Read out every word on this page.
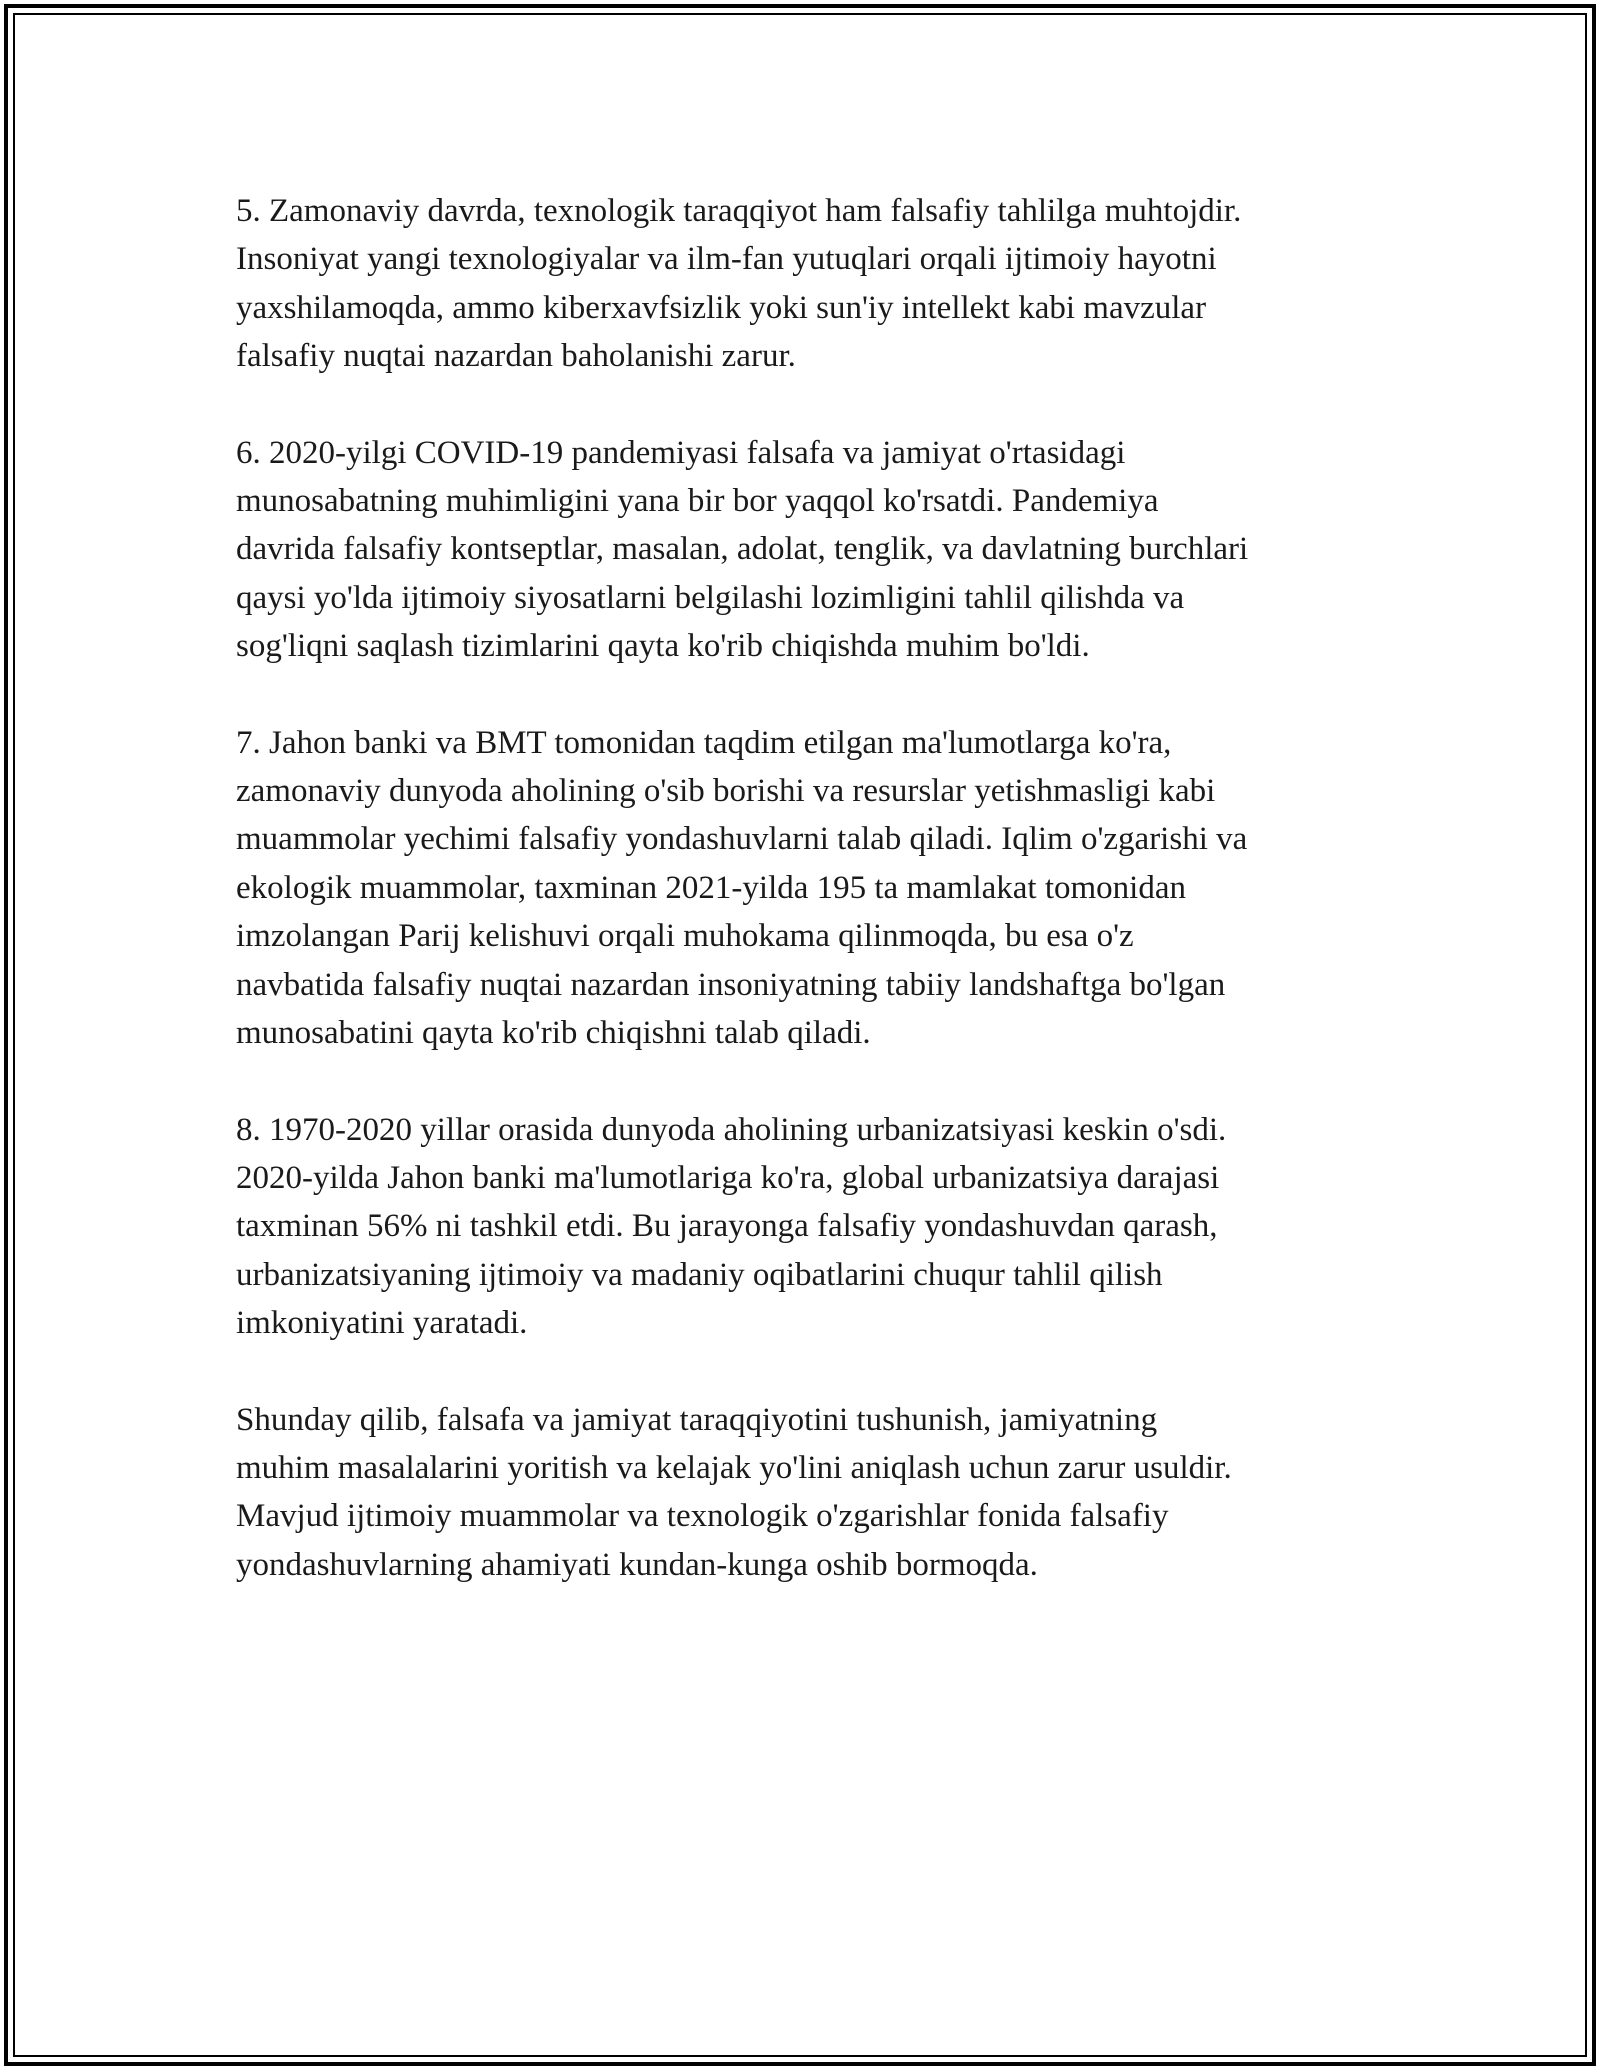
5. Zamonaviy davrda, texnologik taraqqiyot ham falsafiy tahlilga muhtojdir.
Insoniyat yangi texnologiyalar va ilm-fan yutuqlari orqali ijtimoiy hayotni
yaxshilamoqda, ammo kiberxavfsizlik yoki sun'iy intellekt kabi mavzular
falsafiy nuqtai nazardan baholanishi zarur.

6. 2020-yilgi COVID-19 pandemiyasi falsafa va jamiyat o'rtasidagi
munosabatning muhimligini yana bir bor yaqqol ko'rsatdi. Pandemiya
davrida falsafiy kontseptlar, masalan, adolat, tenglik, va davlatning burchlari
qaysi yo'lda ijtimoiy siyosatlarni belgilashi lozimligini tahlil qilishda va
sog'liqni saqlash tizimlarini qayta ko'rib chiqishda muhim bo'ldi.

7. Jahon banki va BMT tomonidan taqdim etilgan ma'lumotlarga ko'ra,
zamonaviy dunyoda aholining o'sib borishi va resurslar yetishmasligi kabi
muammolar yechimi falsafiy yondashuvlarni talab qiladi. Iqlim o'zgarishi va
ekologik muammolar, taxminan 2021-yilda 195 ta mamlakat tomonidan
imzolangan Parij kelishuvi orqali muhokama qilinmoqda, bu esa o'z
navbatida falsafiy nuqtai nazardan insoniyatning tabiiy landshaftga bo'lgan
munosabatini qayta ko'rib chiqishni talab qiladi.

8. 1970-2020 yillar orasida dunyoda aholining urbanizatsiyasi keskin o'sdi.
2020-yilda Jahon banki ma'lumotlariga ko'ra, global urbanizatsiya darajasi
taxminan 56% ni tashkil etdi. Bu jarayonga falsafiy yondashuvdan qarash,
urbanizatsiyaning ijtimoiy va madaniy oqibatlarini chuqur tahlil qilish
imkoniyatini yaratadi.

Shunday qilib, falsafa va jamiyat taraqqiyotini tushunish, jamiyatning
muhim masalalarini yoritish va kelajak yo'lini aniqlash uchun zarur usuldir.
Mavjud ijtimoiy muammolar va texnologik o'zgarishlar fonida falsafiy
yondashuvlarning ahamiyati kundan-kunga oshib bormoqda.
